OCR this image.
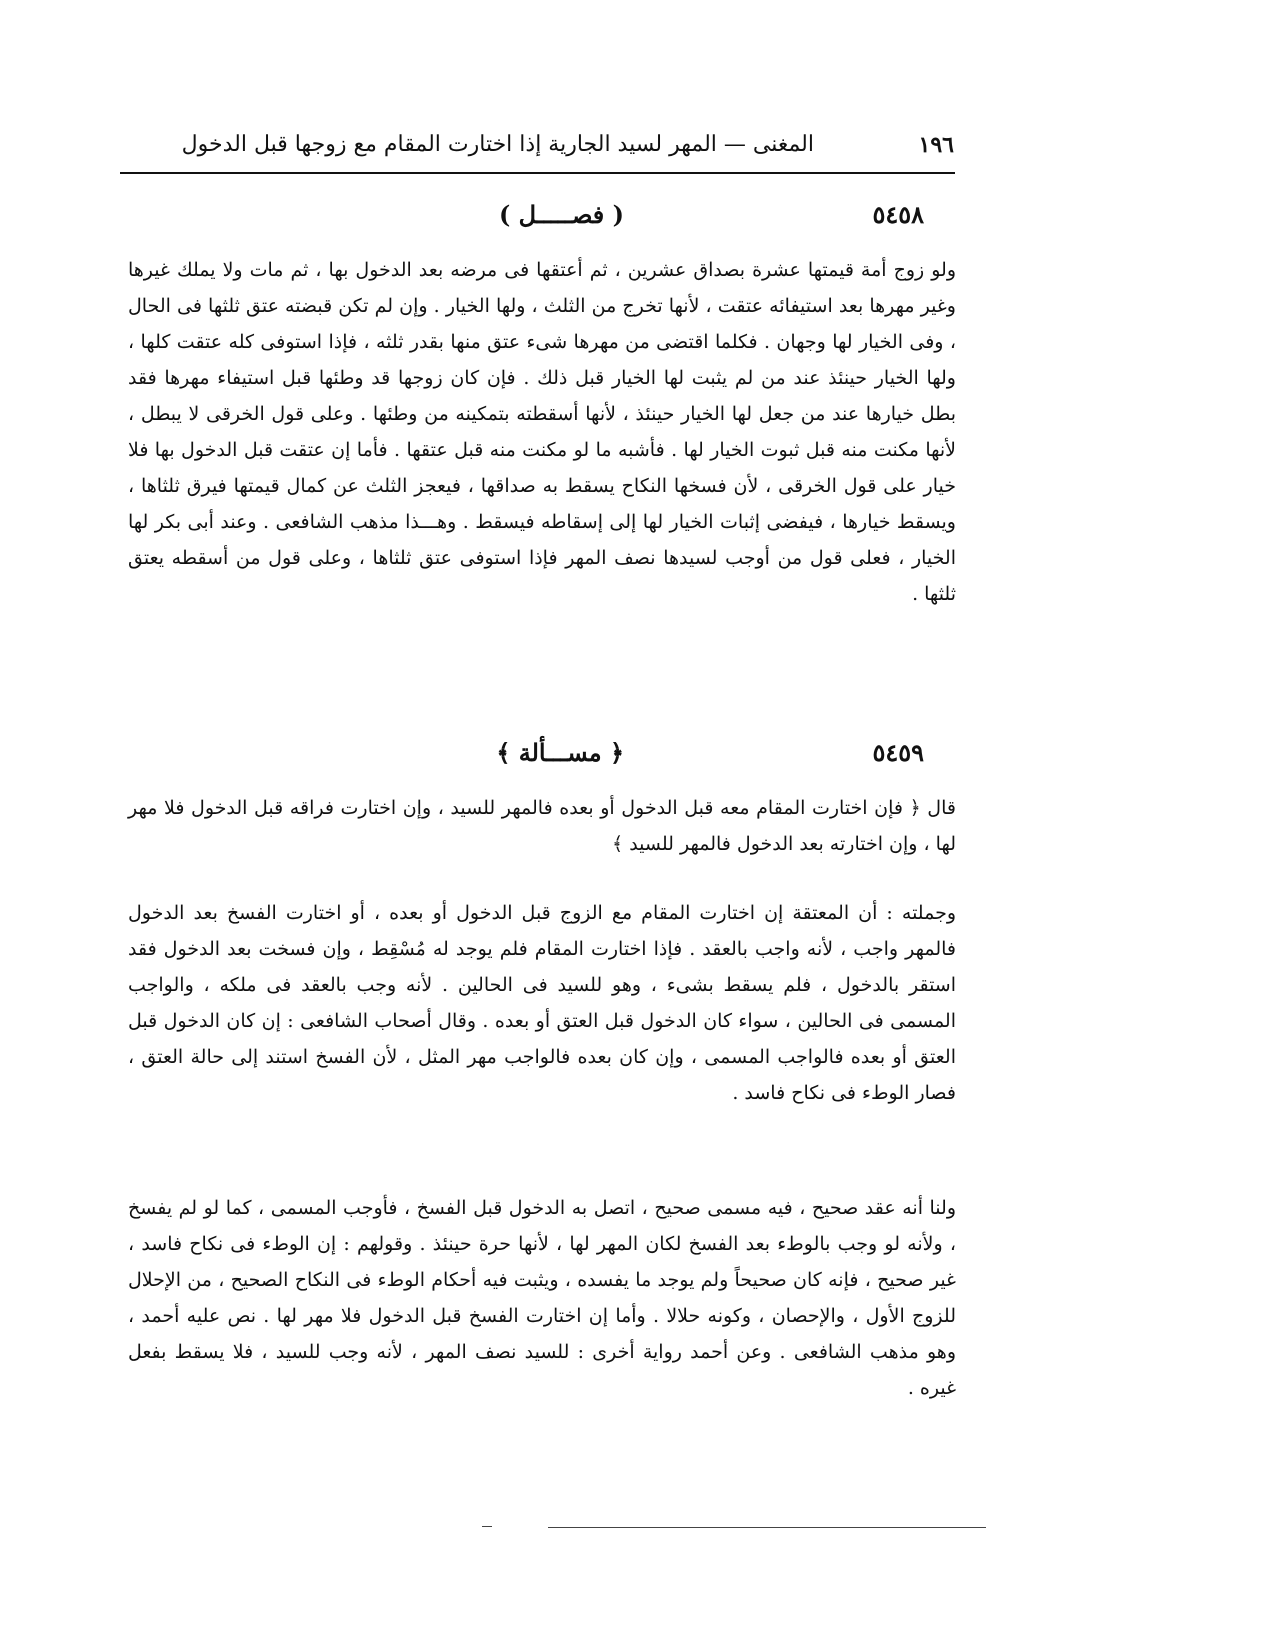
١٩٦
المغنى — المهر لسيد الجارية إذا اختارت المقام مع زوجها قبل الدخول
٥٤٥٨
( فصـــــل )

ولو زوج أمة قيمتها عشرة بصداق عشرين ، ثم أعتقها فى مرضه بعد الدخول بها ، ثم مات ولا يملك غيرها وغير مهرها بعد استيفائه عتقت ، لأنها تخرج من الثلث ، ولها الخيار . وإن لم تكن قبضته عتق ثلثها فى الحال ، وفى الخيار لها وجهان . فكلما اقتضى من مهرها شىء عتق منها بقدر ثلثه ، فإذا استوفى كله عتقت كلها ، ولها الخيار حينئذ عند من لم يثبت لها الخيار قبل ذلك . فإن كان زوجها قد وطئها قبل استيفاء مهرها فقد بطل خيارها عند من جعل لها الخيار حينئذ ، لأنها أسقطته بتمكينه من وطئها . وعلى قول الخرقى لا يبطل ، لأنها مكنت منه قبل ثبوت الخيار لها . فأشبه ما لو مكنت منه قبل عتقها . فأما إن عتقت قبل الدخول بها فلا خيار على قول الخرقى ، لأن فسخها النكاح يسقط به صداقها ، فيعجز الثلث عن كمال قيمتها فيرق ثلثاها ، ويسقط خيارها ، فيفضى إثبات الخيار لها إلى إسقاطه فيسقط . وهـــذا مذهب الشافعى . وعند أبى بكر لها الخيار ، فعلى قول من أوجب لسيدها نصف المهر فإذا استوفى عتق ثلثاها ، وعلى قول من أسقطه يعتق ثلثها .

٥٤٥٩
﴿ مســـألة ﴾

قال ﴿ فإن اختارت المقام معه قبل الدخول أو بعده فالمهر للسيد ، وإن اختارت فراقه قبل الدخول فلا مهر لها ، وإن اختارته بعد الدخول فالمهر للسيد ﴾

وجملته : أن المعتقة إن اختارت المقام مع الزوج قبل الدخول أو بعده ، أو اختارت الفسخ بعد الدخول فالمهر واجب ، لأنه واجب بالعقد . فإذا اختارت المقام فلم يوجد له مُسْقِط ، وإن فسخت بعد الدخول فقد استقر بالدخول ، فلم يسقط بشىء ، وهو للسيد فى الحالين . لأنه وجب بالعقد فى ملكه ، والواجب المسمى فى الحالين ، سواء كان الدخول قبل العتق أو بعده . وقال أصحاب الشافعى : إن كان الدخول قبل العتق أو بعده فالواجب المسمى ، وإن كان بعده فالواجب مهر المثل ، لأن الفسخ استند إلى حالة العتق ، فصار الوطء فى نكاح فاسد .

ولنا أنه عقد صحيح ، فيه مسمى صحيح ، اتصل به الدخول قبل الفسخ ، فأوجب المسمى ، كما لو لم يفسخ ، ولأنه لو وجب بالوطء بعد الفسخ لكان المهر لها ، لأنها حرة حينئذ . وقولهم : إن الوطء فى نكاح فاسد ، غير صحيح ، فإنه كان صحيحاً ولم يوجد ما يفسده ، ويثبت فيه أحكام الوطء فى النكاح الصحيح ، من الإحلال للزوج الأول ، والإحصان ، وكونه حلالا . وأما إن اختارت الفسخ قبل الدخول فلا مهر لها . نص عليه أحمد ، وهو مذهب الشافعى . وعن أحمد رواية أخرى : للسيد نصف المهر ، لأنه وجب للسيد ، فلا يسقط بفعل غيره .
